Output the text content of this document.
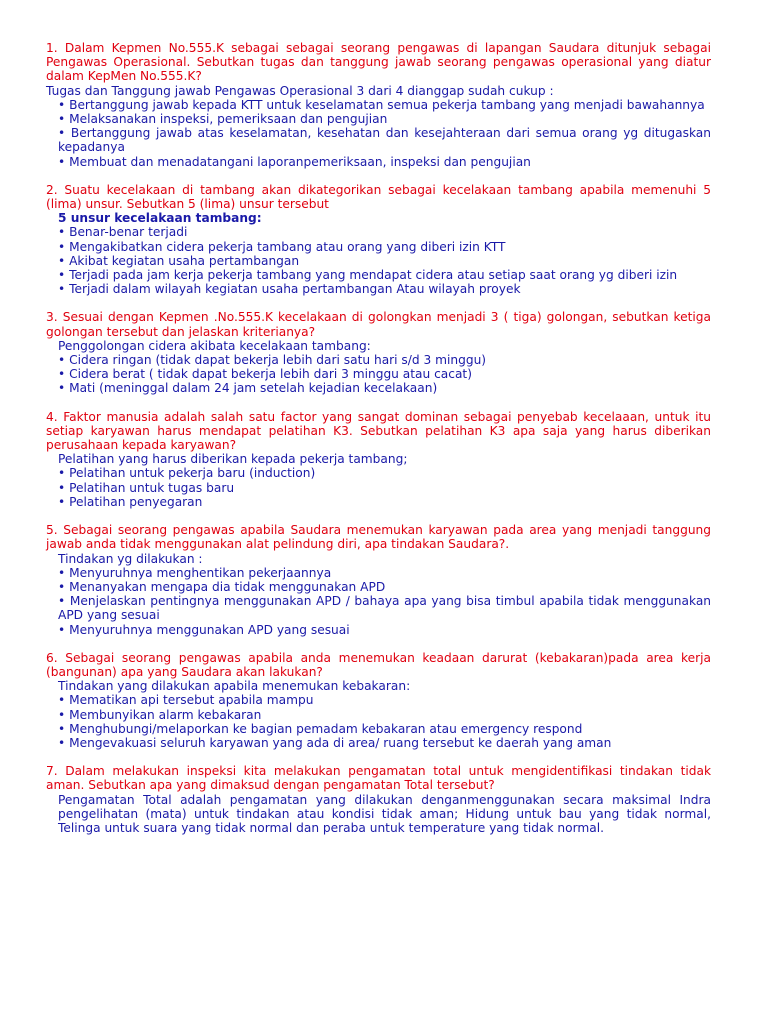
1. Dalam Kepmen No.555.K sebagai sebagai seorang pengawas di lapangan Saudara ditunjuk sebagai Pengawas Operasional. Sebutkan tugas dan tanggung jawab seorang pengawas operasional yang diatur dalam KepMen No.555.K?

Tugas dan Tanggung jawab Pengawas Operasional 3 dari 4 dianggap sudah cukup :

• Bertanggung jawab kepada KTT untuk keselamatan semua pekerja tambang yang menjadi bawahannya
• Melaksanakan inspeksi, pemeriksaan dan pengujian
• Bertanggung jawab atas keselamatan, kesehatan dan kesejahteraan dari semua orang yg ditugaskan kepadanya
• Membuat dan menadatangani laporanpemeriksaan, inspeksi dan pengujian

2. Suatu kecelakaan di tambang akan dikategorikan sebagai kecelakaan tambang apabila memenuhi 5 (lima) unsur. Sebutkan 5 (lima) unsur tersebut

5 unsur kecelakaan tambang:

• Benar-benar terjadi
• Mengakibatkan cidera pekerja tambang atau orang yang diberi izin KTT
• Akibat kegiatan usaha pertambangan
• Terjadi pada jam kerja pekerja tambang yang mendapat cidera atau setiap saat orang yg diberi izin
• Terjadi dalam wilayah kegiatan usaha pertambangan Atau wilayah proyek

3. Sesuai dengan Kepmen .No.555.K kecelakaan di golongkan menjadi 3 ( tiga) golongan, sebutkan ketiga golongan tersebut dan jelaskan kriterianya?

Penggolongan cidera akibata kecelakaan tambang:

• Cidera ringan (tidak dapat bekerja lebih dari satu hari s/d 3 minggu)
• Cidera berat ( tidak dapat bekerja lebih dari 3 minggu atau cacat)
• Mati (meninggal dalam 24 jam setelah kejadian kecelakaan)

4. Faktor manusia adalah salah satu factor yang sangat dominan sebagai penyebab kecelaaan, untuk itu setiap karyawan harus mendapat pelatihan K3. Sebutkan pelatihan K3 apa saja yang harus diberikan perusahaan kepada karyawan?

Pelatihan yang harus diberikan kepada pekerja tambang;

• Pelatihan untuk pekerja baru (induction)
• Pelatihan untuk tugas baru
• Pelatihan penyegaran

5. Sebagai seorang pengawas apabila Saudara menemukan karyawan pada area yang menjadi tanggung jawab anda tidak menggunakan alat pelindung diri, apa tindakan Saudara?.

Tindakan yg dilakukan :

• Menyuruhnya menghentikan pekerjaannya
• Menanyakan mengapa dia tidak menggunakan APD
• Menjelaskan pentingnya menggunakan APD / bahaya apa yang bisa timbul apabila tidak menggunakan APD yang sesuai
• Menyuruhnya menggunakan APD yang sesuai

6. Sebagai seorang pengawas apabila anda menemukan keadaan darurat (kebakaran)pada area kerja (bangunan) apa yang Saudara akan lakukan?

Tindakan yang dilakukan apabila menemukan kebakaran:

• Mematikan api tersebut apabila mampu
• Membunyikan alarm kebakaran
• Menghubungi/melaporkan ke bagian pemadam kebakaran atau emergency respond
• Mengevakuasi seluruh karyawan yang ada di area/ ruang tersebut ke daerah yang aman

7. Dalam melakukan inspeksi kita melakukan pengamatan total untuk mengidentifikasi tindakan tidak aman. Sebutkan apa yang dimaksud dengan pengamatan Total tersebut?

Pengamatan Total adalah pengamatan yang dilakukan denganmenggunakan secara maksimal Indra pengelihatan (mata) untuk tindakan atau kondisi tidak aman; Hidung untuk bau yang tidak normal, Telinga untuk suara yang tidak normal dan peraba untuk temperature yang tidak normal.
